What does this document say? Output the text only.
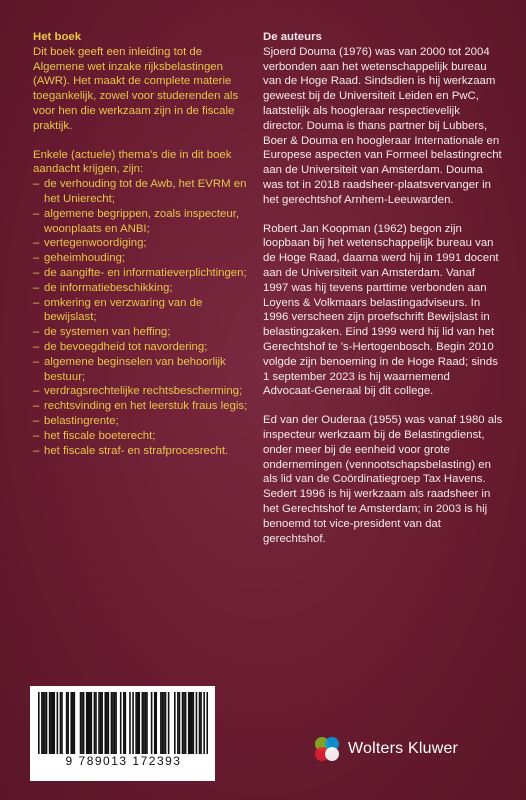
Het boek

Dit boek geeft een inleiding tot de Algemene wet inzake rijksbelastingen (AWR). Het maakt de complete materie toegankelijk, zowel voor studerenden als voor hen die werkzaam zijn in de fiscale praktijk.

Enkele (actuele) thema's die in dit boek aandacht krijgen, zijn:

– de verhouding tot de Awb, het EVRM en het Unierecht;
– algemene begrippen, zoals inspecteur, woonplaats en ANBI;
– vertegenwoordiging;
– geheimhouding;
– de aangifte- en informatieverplichtingen;
– de informatiebeschikking;
– omkering en verzwaring van de bewijslast;
– de systemen van heffing;
– de bevoegdheid tot navordering;
– algemene beginselen van behoorlijk bestuur;
– verdragsrechtelijke rechtsbescherming;
– rechtsvinding en het leerstuk fraus legis;
– belastingrente;
– het fiscale boeterecht;
– het fiscale straf- en strafprocesrecht.

De auteurs

Sjoerd Douma (1976) was van 2000 tot 2004 verbonden aan het wetenschappelijk bureau van de Hoge Raad. Sindsdien is hij werkzaam geweest bij de Universiteit Leiden en PwC, laatstelijk als hoogleraar respectievelijk director. Douma is thans partner bij Lubbers, Boer & Douma en hoogleraar Internationale en Europese aspecten van Formeel belastingrecht aan de Universiteit van Amsterdam. Douma was tot in 2018 raadsheer-plaatsvervanger in het gerechtshof Arnhem-Leeuwarden.

Robert Jan Koopman (1962) begon zijn loopbaan bij het wetenschappelijk bureau van de Hoge Raad, daarna werd hij in 1991 docent aan de Universiteit van Amsterdam. Vanaf 1997 was hij tevens parttime verbonden aan Loyens & Volkmaars belastingadviseurs. In 1996 verscheen zijn proefschrift Bewijslast in belastingzaken. Eind 1999 werd hij lid van het Gerechtshof te 's-Hertogenbosch. Begin 2010 volgde zijn benoeming in de Hoge Raad; sinds 1 september 2023 is hij waarnemend Advocaat-Generaal bij dit college.

Ed van der Ouderaa (1955) was vanaf 1980 als inspecteur werkzaam bij de Belastingdienst, onder meer bij de eenheid voor grote ondernemingen (vennootschapsbelasting) en als lid van de Coördinatiegroep Tax Havens. Sedert 1996 is hij werkzaam als raadsheer in het Gerechtshof te Amsterdam; in 2003 is hij benoemd tot vice-president van dat gerechtshof.

9 789013 172393
Wolters Kluwer
